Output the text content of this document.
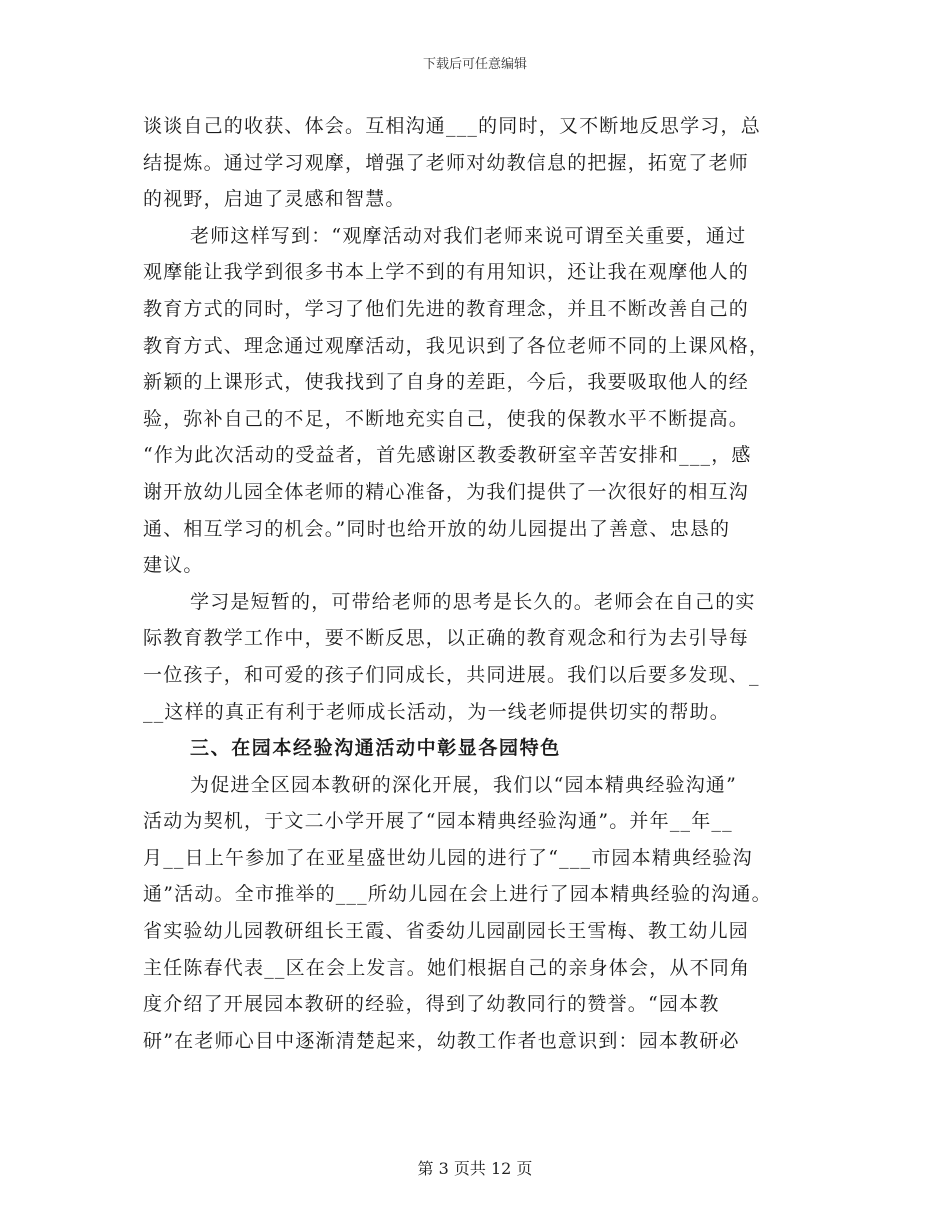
下载后可任意编辑
谈谈自己的收获、体会。互相沟通___的同时，又不断地反思学习，总
结提炼。通过学习观摩，增强了老师对幼教信息的把握，拓宽了老师
的视野，启迪了灵感和智慧。
老师这样写到：“观摩活动对我们老师来说可谓至关重要，通过
观摩能让我学到很多书本上学不到的有用知识，还让我在观摩他人的
教育方式的同时，学习了他们先进的教育理念，并且不断改善自己的
教育方式、理念通过观摩活动，我见识到了各位老师不同的上课风格，
新颖的上课形式，使我找到了自身的差距，今后，我要吸取他人的经
验，弥补自己的不足，不断地充实自己，使我的保教水平不断提高。
“作为此次活动的受益者，首先感谢区教委教研室辛苦安排和___，感
谢开放幼儿园全体老师的精心准备，为我们提供了一次很好的相互沟
通、相互学习的机会。”同时也给开放的幼儿园提出了善意、忠恳的
建议。
学习是短暂的，可带给老师的思考是长久的。老师会在自己的实
际教育教学工作中，要不断反思，以正确的教育观念和行为去引导每
一位孩子，和可爱的孩子们同成长，共同进展。我们以后要多发现、_
__这样的真正有利于老师成长活动，为一线老师提供切实的帮助。
三、在园本经验沟通活动中彰显各园特色
为促进全区园本教研的深化开展，我们以“园本精典经验沟通”
活动为契机，于文二小学开展了“园本精典经验沟通”。并年__年__
月__日上午参加了在亚星盛世幼儿园的进行了“___市园本精典经验沟
通”活动。全市推举的___所幼儿园在会上进行了园本精典经验的沟通。
省实验幼儿园教研组长王霞、省委幼儿园副园长王雪梅、教工幼儿园
主任陈春代表__区在会上发言。她们根据自己的亲身体会，从不同角
度介绍了开展园本教研的经验，得到了幼教同行的赞誉。“园本教
研”在老师心目中逐渐清楚起来，幼教工作者也意识到：园本教研必
第 3 页共 12 页
